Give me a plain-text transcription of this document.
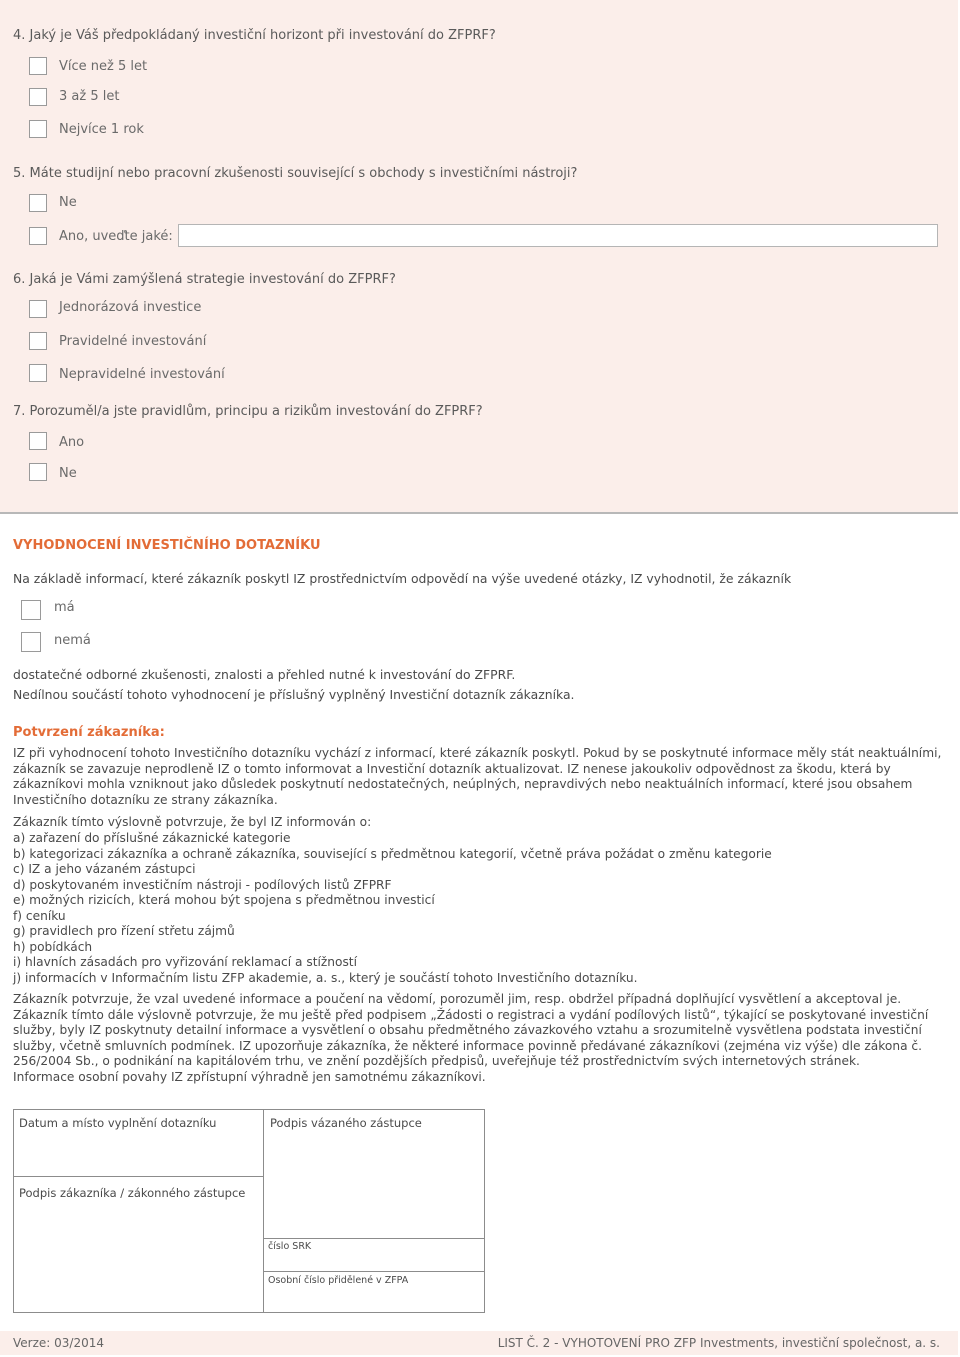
4. Jaký je Váš předpokládaný investiční horizont při investování do ZFPRF?
Více než 5 let
3 až 5 let
Nejvíce 1 rok
5. Máte studijní nebo pracovní zkušenosti související s obchody s investičními nástroji?
Ne
Ano, uveďte jaké:
6. Jaká je Vámi zamýšlená strategie investování do ZFPRF?
Jednorázová investice
Pravidelné investování
Nepravidelné investování
7. Porozuměl/a jste pravidlům, principu a rizikům investování do ZFPRF?
Ano
Ne
VYHODNOCENÍ INVESTIČNÍHO DOTAZNÍKU
Na základě informací, které zákazník poskytl IZ prostřednictvím odpovědí na výše uvedené otázky, IZ vyhodnotil, že zákazník
má
nemá
dostatečné odborné zkušenosti, znalosti a přehled nutné k investování do ZFPRF.
Nedílnou součástí tohoto vyhodnocení je příslušný vyplněný Investiční dotazník zákazníka.
Potvrzení zákazníka:
IZ při vyhodnocení tohoto Investičního dotazníku vychází z informací, které zákazník poskytl. Pokud by se poskytnuté informace měly stát neaktuálními, zákazník se zavazuje neprodleně IZ o tomto informovat a Investiční dotazník aktualizovat. IZ nenese jakoukoliv odpovědnost za škodu, která by zákazníkovi mohla vzniknout jako důsledek poskytnutí nedostatečných, neúplných, nepravdivých nebo neaktuálních informací, které jsou obsahem Investičního dotazníku ze strany zákazníka.
Zákazník tímto výslovně potvrzuje, že byl IZ informován o:
a) zařazení do příslušné zákaznické kategorie
b) kategorizaci zákazníka a ochraně zákazníka, související s předmětnou kategorií, včetně práva požádat o změnu kategorie
c) IZ a jeho vázaném zástupci
d) poskytovaném investičním nástroji - podílových listů ZFPRF
e) možných rizicích, která mohou být spojena s předmětnou investicí
f) ceníku
g) pravidlech pro řízení střetu zájmů
h) pobídkách
i) hlavních zásadách pro vyřizování reklamací a stížností
j) informacích v Informačním listu ZFP akademie, a. s., který je součástí tohoto Investičního dotazníku.
Zákazník potvrzuje, že vzal uvedené informace a poučení na vědomí, porozuměl jim, resp. obdržel případná doplňující vysvětlení a akceptoval je. Zákazník tímto dále výslovně potvrzuje, že mu ještě před podpisem „Žádosti o registraci a vydání podílových listů“, týkající se poskytované investiční služby, byly IZ poskytnuty detailní informace a vysvětlení o obsahu předmětného závazkového vztahu a srozumitelně vysvětlena podstata investiční služby, včetně smluvních podmínek. IZ upozorňuje zákazníka, že některé informace povinně předávané zákazníkovi (zejména viz výše) dle zákona č. 256/2004 Sb., o podnikání na kapitálovém trhu, ve znění pozdějších předpisů, uveřejňuje též prostřednictvím svých internetových stránek.
Informace osobní povahy IZ zpřístupní výhradně jen samotnému zákazníkovi.
Datum a místo vyplnění dotazníku	Podpis vázaného zástupce
Podpis zákazníka / zákonného zástupce
číslo SRK
Osobní číslo přidělené v ZFPA
Verze: 03/2014	LIST Č. 2 - VYHOTOVENÍ PRO ZFP Investments, investiční společnost, a. s.
